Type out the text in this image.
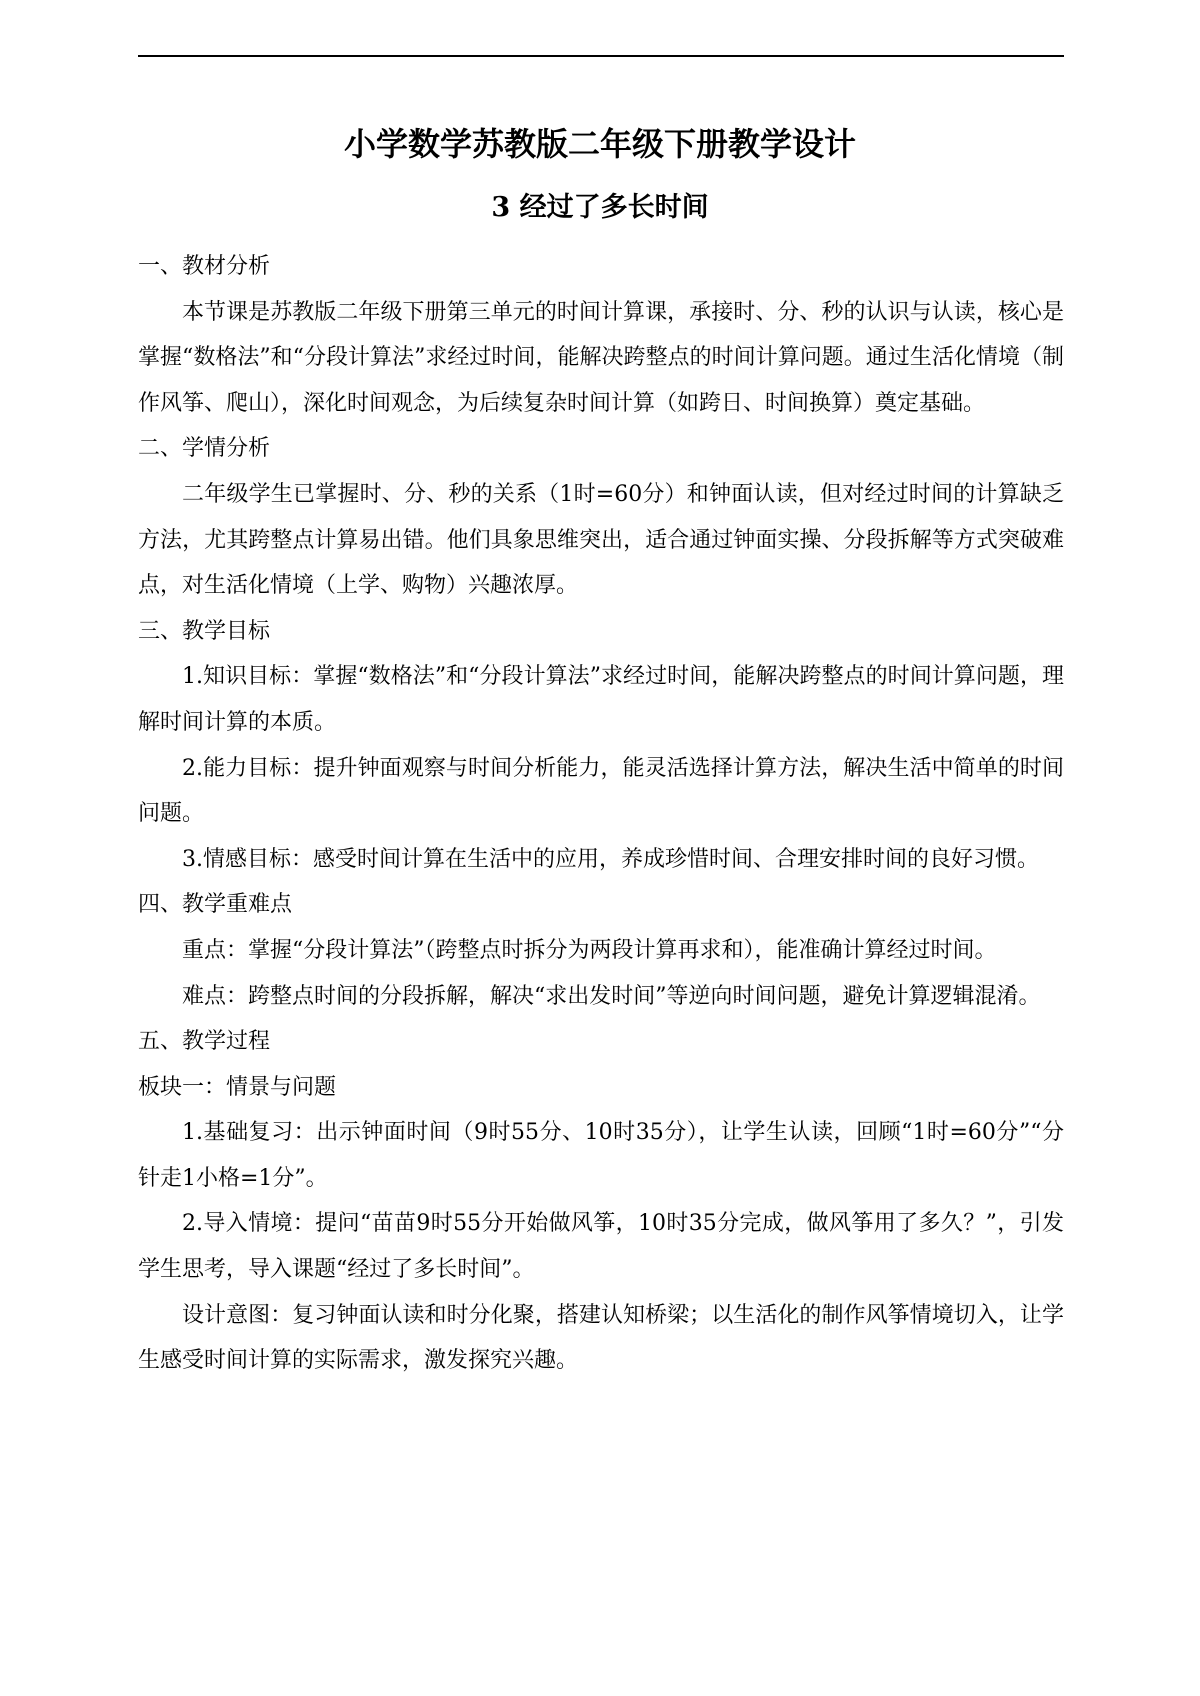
小学数学苏教版二年级下册教学设计
3 经过了多长时间

一、教材分析

本节课是苏教版二年级下册第三单元的时间计算课，承接时、分、秒的认识与认读，核心是掌握“数格法”和“分段计算法”求经过时间，能解决跨整点的时间计算问题。通过生活化情境（制作风筝、爬山），深化时间观念，为后续复杂时间计算（如跨日、时间换算）奠定基础。

二、学情分析

二年级学生已掌握时、分、秒的关系（1时=60分）和钟面认读，但对经过时间的计算缺乏方法，尤其跨整点计算易出错。他们具象思维突出，适合通过钟面实操、分段拆解等方式突破难点，对生活化情境（上学、购物）兴趣浓厚。

三、教学目标

1.知识目标：掌握“数格法”和“分段计算法”求经过时间，能解决跨整点的时间计算问题，理解时间计算的本质。

2.能力目标：提升钟面观察与时间分析能力，能灵活选择计算方法，解决生活中简单的时间问题。

3.情感目标：感受时间计算在生活中的应用，养成珍惜时间、合理安排时间的良好习惯。

四、教学重难点

重点：掌握“分段计算法”（跨整点时拆分为两段计算再求和），能准确计算经过时间。

难点：跨整点时间的分段拆解，解决“求出发时间”等逆向时间问题，避免计算逻辑混淆。

五、教学过程

板块一：情景与问题

1.基础复习：出示钟面时间（9时55分、10时35分），让学生认读，回顾“1时=60分”“分针走1小格=1分”。

2.导入情境：提问“苗苗9时55分开始做风筝，10时35分完成，做风筝用了多久？”，引发学生思考，导入课题“经过了多长时间”。

设计意图：复习钟面认读和时分化聚，搭建认知桥梁；以生活化的制作风筝情境切入，让学生感受时间计算的实际需求，激发探究兴趣。
